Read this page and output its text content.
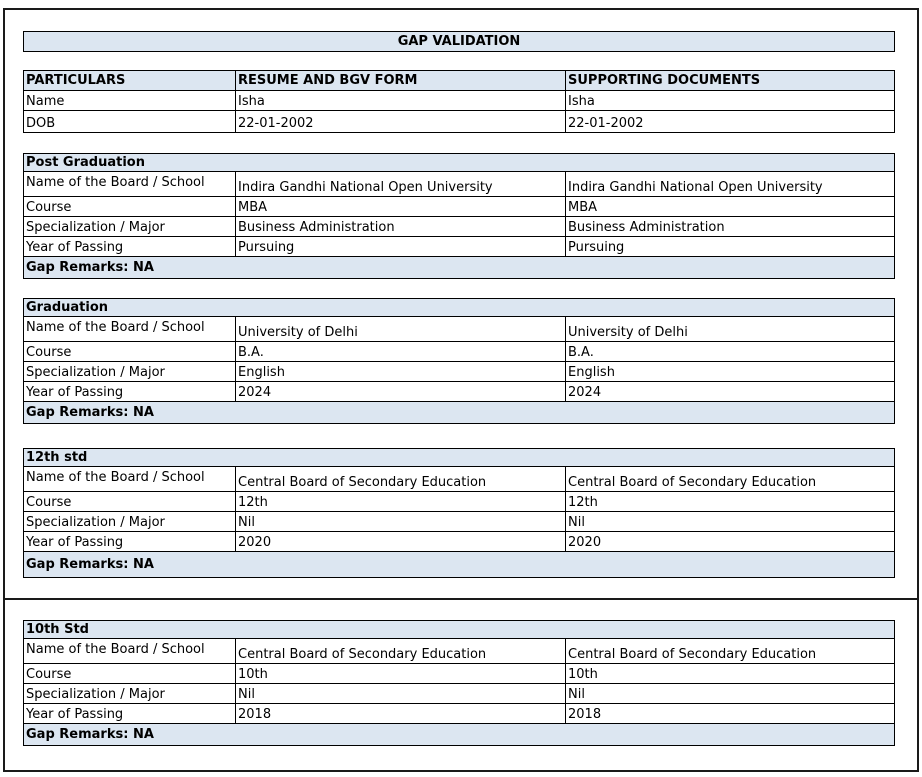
GAP VALIDATION
PARTICULARS	RESUME AND BGV FORM	SUPPORTING DOCUMENTS
Name	Isha	Isha
DOB	22-01-2002	22-01-2002
Post Graduation
Name of the Board / School	Indira Gandhi National Open University	Indira Gandhi National Open University
Course	MBA	MBA
Specialization / Major	Business Administration	Business Administration
Year of Passing	Pursuing	Pursuing
Gap Remarks: NA
Graduation
Name of the Board / School	University of Delhi	University of Delhi
Course	B.A.	B.A.
Specialization / Major	English	English
Year of Passing	2024	2024
Gap Remarks: NA
12th std
Name of the Board / School	Central Board of Secondary Education	Central Board of Secondary Education
Course	12th	12th
Specialization / Major	Nil	Nil
Year of Passing	2020	2020
Gap Remarks: NA
10th Std
Name of the Board / School	Central Board of Secondary Education	Central Board of Secondary Education
Course	10th	10th
Specialization / Major	Nil	Nil
Year of Passing	2018	2018
Gap Remarks: NA
